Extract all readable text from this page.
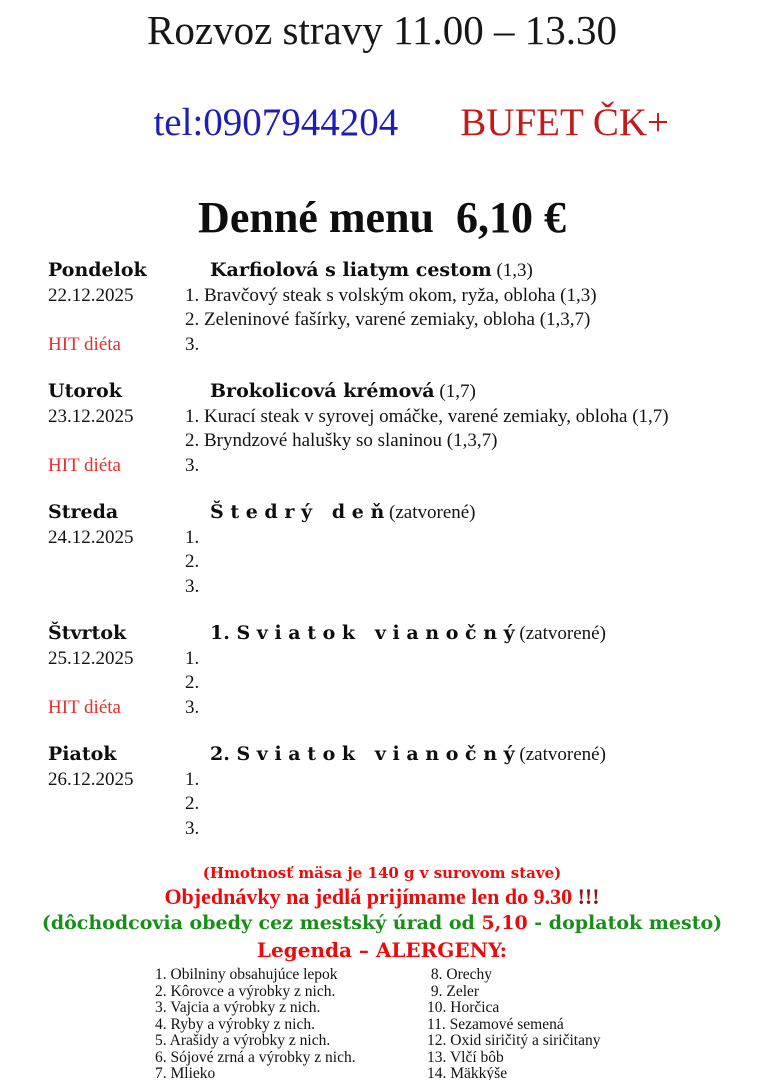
Rozvoz stravy 11.00 – 13.30

tel:0907944204 BUFET ČK+

Denné menu  6,10 €
Pondelok	Karfiolová s liatym cestom (1,3)
22.12.2025	1. Bravčový steak s volským okom, ryža, obloha (1,3)
2. Zeleninové fašírky, varené zemiaky, obloha (1,3,7)
HIT diéta	3.
Utorok	Brokolicová krémová (1,7)
23.12.2025	1. Kurací steak v syrovej omáčke, varené zemiaky, obloha (1,7)
2. Bryndzové halušky so slaninou (1,3,7)
HIT diéta	3.
Streda	Š t e d r ý   d e ň (zatvorené)
24.12.2025	1.
2.
3.
Štvrtok	1. S v i a t o k   v i a n o č n ý (zatvorené)
25.12.2025	1.
2.
HIT diéta	3.
Piatok	2. S v i a t o k   v i a n o č n ý (zatvorené)
26.12.2025	1.
2.
3.
(Hmotnosť mäsa je 140 g v surovom stave)
Objednávky na jedlá prijímame len do 9.30 !!!
(dôchodcovia obedy cez mestský úrad od 5,10 - doplatok mesto)
Legenda – ALERGENY:
1. Obilniny obsahujúce lepok
2. Kôrovce a výrobky z nich.
3. Vajcia a výrobky z nich.
4. Ryby a výrobky z nich.
5. Arašidy a výrobky z nich.
6. Sójové zrná a výrobky z nich.
7. Mlieko
8. Orechy
9. Zeler
10. Horčica
11. Sezamové semená
12. Oxid siričitý a siričitany
13. Vlčí bôb
14. Mäkkýše
